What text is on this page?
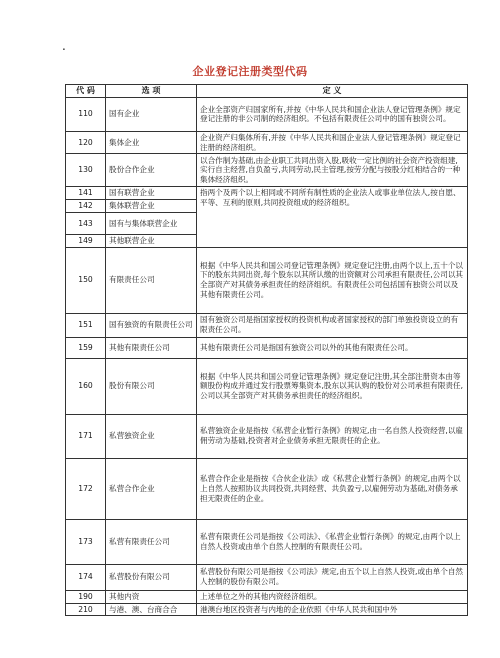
.
企业登记注册类型代码
代 码	选 项	定 义
110	国有企业	企业全部资产归国家所有,并按《中华人民共和国企业法人登记管理条例》规定登记注册的非公司制的经济组织。不包括有限责任公司中的国有独资公司。
120	集体企业	企业资产归集体所有,并按《中华人民共和国企业法人登记管理条例》规定登记注册的经济组织。
130	股份合作企业	以合作制为基础,由企业职工共同出资入股,吸收一定比例的社会资产投资组建,实行自主经营,自负盈亏,共同劳动,民主管理,按劳分配与按股分红相结合的一种集体经济组织。
141	国有联营企业	指两个及两个以上相同或不同所有制性质的企业法人或事业单位法人,按自愿、平等、互利的原则,共同投资组成的经济组织。
142	集体联营企业	
143	国有与集体联营企业	
149	其他联营企业	
150	有限责任公司	根据《中华人民共和国公司登记管理条例》规定登记注册,由两个以上,五十个以下的股东共同出资,每个股东以其所认缴的出资额对公司承担有限责任,公司以其全部资产对其债务承担责任的经济组织。有限责任公司包括国有独资公司以及其他有限责任公司。
151	国有独资的有限责任公司	国有独资公司是指国家授权的投资机构或者国家授权的部门单独投资设立的有限责任公司。
159	其他有限责任公司	其他有限责任公司是指国有独资公司以外的其他有限责任公司。
160	股份有限公司	根据《中华人民共和国公司登记管理条例》规定登记注册,其全部注册资本由等额股份构成并通过发行股票筹集资本,股东以其认购的股份对公司承担有限责任,公司以其全部资产对其债务承担责任的经济组织。
171	私营独资企业	私营独资企业是指按《私营企业暂行条例》的规定,由一名自然人投资经营,以雇佣劳动为基础,投资者对企业债务承担无限责任的企业。
172	私营合作企业	私营合作企业是指按《合伙企业法》或《私营企业暂行条例》的规定,由两个以上自然人按照协议共同投资,共同经营、共负盈亏,以雇佣劳动为基础,对债务承担无限责任的企业。
173	私营有限责任公司	私营有限责任公司是指按《公司法》、《私营企业暂行条例》的规定,由两个以上自然人投资或由单个自然人控制的有限责任公司。
174	私营股份有限公司	私营股份有限公司是指按《公司法》规定,由五个以上自然人投资,或由单个自然人控制的股份有限公司。
190	其他内资	上述单位之外的其他内资经济组织。
210	与港、澳、台商合合	港澳台地区投资者与内地的企业依照《中华人民共和国中外
